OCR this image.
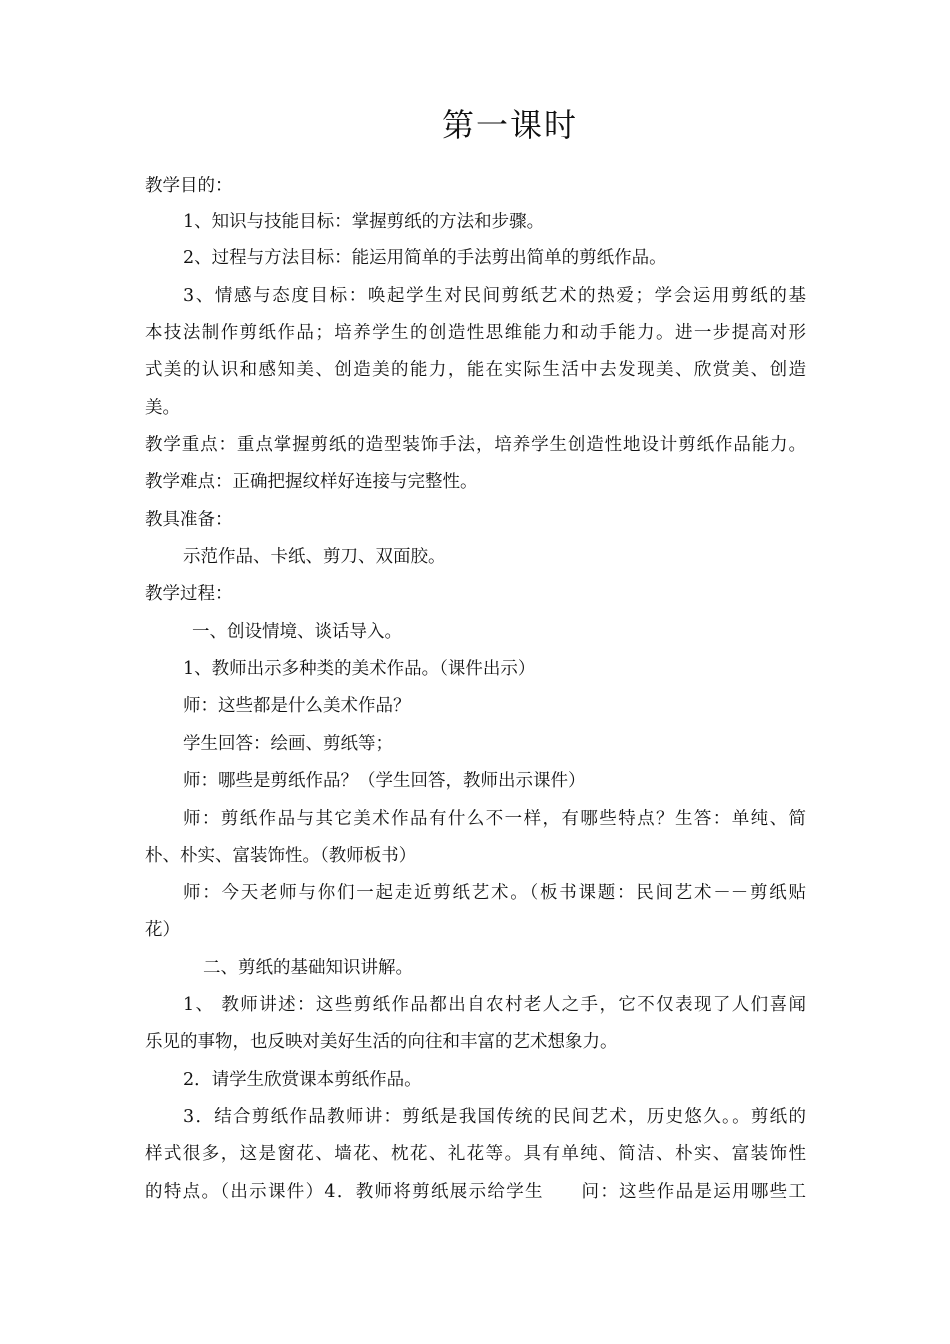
第一课时
教学目的：
1、知识与技能目标：掌握剪纸的方法和步骤。
2、过程与方法目标：能运用简单的手法剪出简单的剪纸作品。
3、情感与态度目标：唤起学生对民间剪纸艺术的热爱；学会运用剪纸的基
本技法制作剪纸作品；培养学生的创造性思维能力和动手能力。进一步提高对形
式美的认识和感知美、创造美的能力，能在实际生活中去发现美、欣赏美、创造
美。
教学重点：重点掌握剪纸的造型装饰手法，培养学生创造性地设计剪纸作品能力。
教学难点：正确把握纹样好连接与完整性。
教具准备：
示范作品、卡纸、剪刀、双面胶。
教学过程：
一、创设情境、谈话导入。
1、教师出示多种类的美术作品。（课件出示）
师：这些都是什么美术作品？
学生回答：绘画、剪纸等；
师：哪些是剪纸作品？（学生回答，教师出示课件）
师：剪纸作品与其它美术作品有什么不一样，有哪些特点？生答：单纯、简
朴、朴实、富装饰性。（教师板书）
师：今天老师与你们一起走近剪纸艺术。（板书课题：民间艺术－－剪纸贴
花）
二、剪纸的基础知识讲解。
1、 教师讲述：这些剪纸作品都出自农村老人之手，它不仅表现了人们喜闻
乐见的事物，也反映对美好生活的向往和丰富的艺术想象力。
2．请学生欣赏课本剪纸作品。
3．结合剪纸作品教师讲：剪纸是我国传统的民间艺术，历史悠久。。剪纸的
样式很多，这是窗花、墙花、枕花、礼花等。具有单纯、简洁、朴实、富装饰性
的特点。（出示课件）4．教师将剪纸展示给学生　　问：这些作品是运用哪些工
